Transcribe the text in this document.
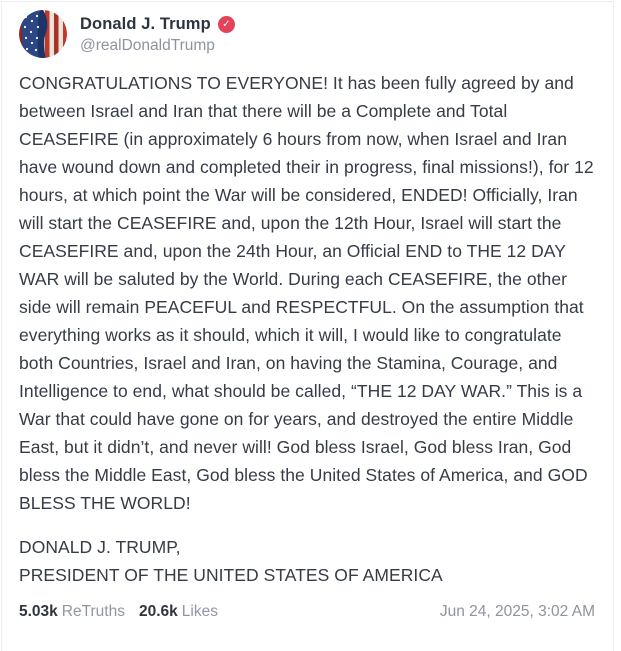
Donald J. Trump	✓
@realDonaldTrump

CONGRATULATIONS TO EVERYONE! It has been fully agreed by and between Israel and Iran that there will be a Complete and Total CEASEFIRE (in approximately 6 hours from now, when Israel and Iran have wound down and completed their in progress, final missions!), for 12 hours, at which point the War will be considered, ENDED! Officially, Iran will start the CEASEFIRE and, upon the 12th Hour, Israel will start the CEASEFIRE and, upon the 24th Hour, an Official END to THE 12 DAY WAR will be saluted by the World. During each CEASEFIRE, the other side will remain PEACEFUL and RESPECTFUL. On the assumption that everything works as it should, which it will, I would like to congratulate both Countries, Israel and Iran, on having the Stamina, Courage, and Intelligence to end, what should be called, “THE 12 DAY WAR.” This is a War that could have gone on for years, and destroyed the entire Middle East, but it didn’t, and never will! God bless Israel, God bless Iran, God bless the Middle East, God bless the United States of America, and GOD BLESS THE WORLD!

DONALD J. TRUMP,
PRESIDENT OF THE UNITED STATES OF AMERICA

5.03k ReTruths 20.6k Likes	Jun 24, 2025, 3:02 AM
